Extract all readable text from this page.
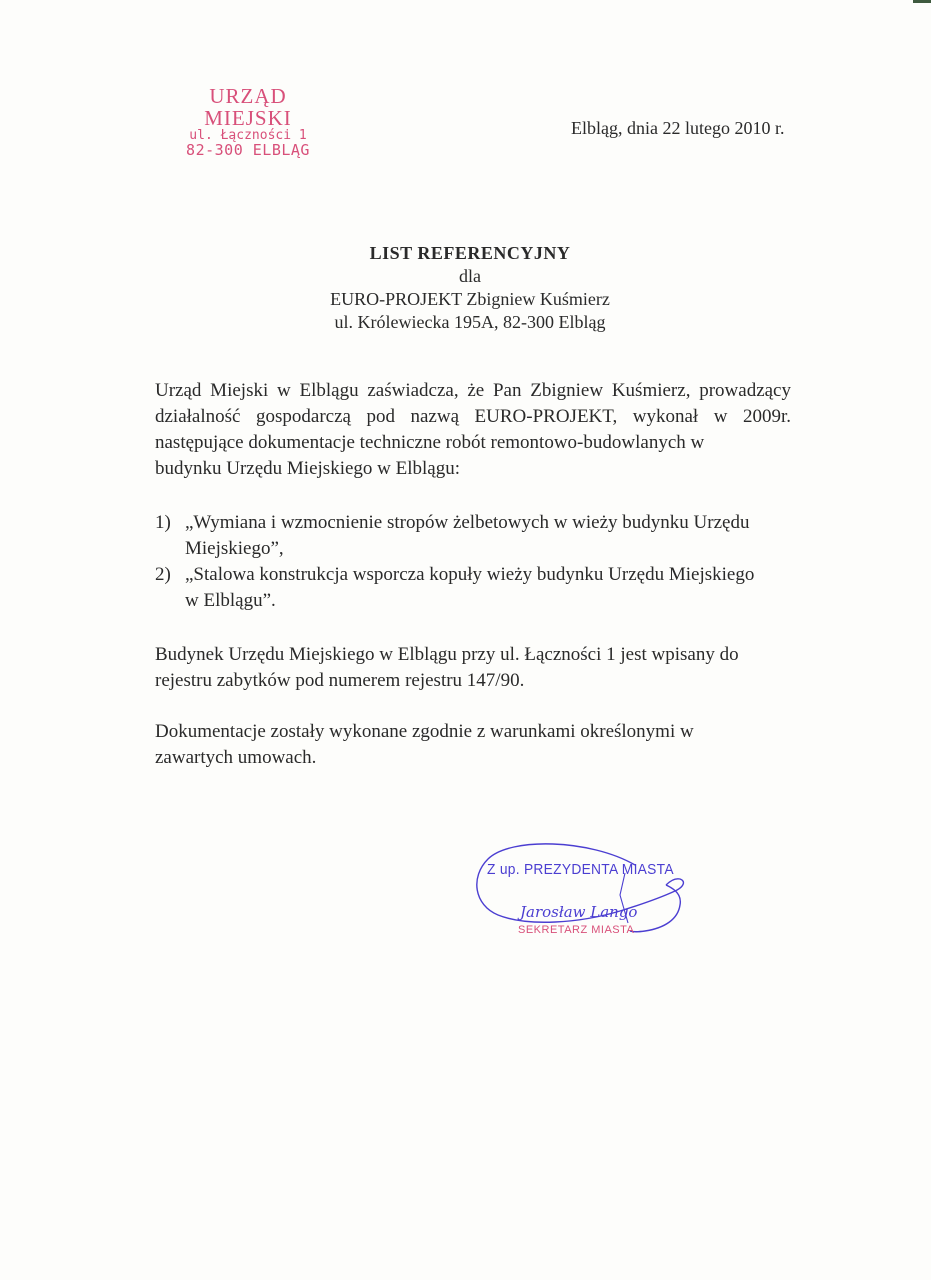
URZĄD MIEJSKI
ul. Łączności 1
82-300 ELBLĄG
Elbląg, dnia 22 lutego 2010 r.
LIST REFERENCYJNY
dla
EURO-PROJEKT Zbigniew Kuśmierz
ul. Królewiecka 195A, 82-300 Elbląg

Urząd Miejski w Elblągu zaświadcza, że Pan Zbigniew Kuśmierz, prowadzący działalność gospodarczą pod nazwą EURO-PROJEKT, wykonał w 2009r. następujące dokumentacje techniczne robót remontowo-budowlanych w
budynku Urzędu Miejskiego w Elblągu:

1) „Wymiana i wzmocnienie stropów żelbetowych w wieży budynku Urzędu
Miejskiego”,
2) „Stalowa konstrukcja wsporcza kopuły wieży budynku Urzędu Miejskiego
w Elblągu”.

Budynek Urzędu Miejskiego w Elblągu przy ul. Łączności 1 jest wpisany do
rejestru zabytków pod numerem rejestru 147/90.

Dokumentacje zostały wykonane zgodnie z warunkami określonymi w
zawartych umowach.

Z up. PREZYDENTA MIASTA
Jarosław Lango
SEKRETARZ MIASTA
